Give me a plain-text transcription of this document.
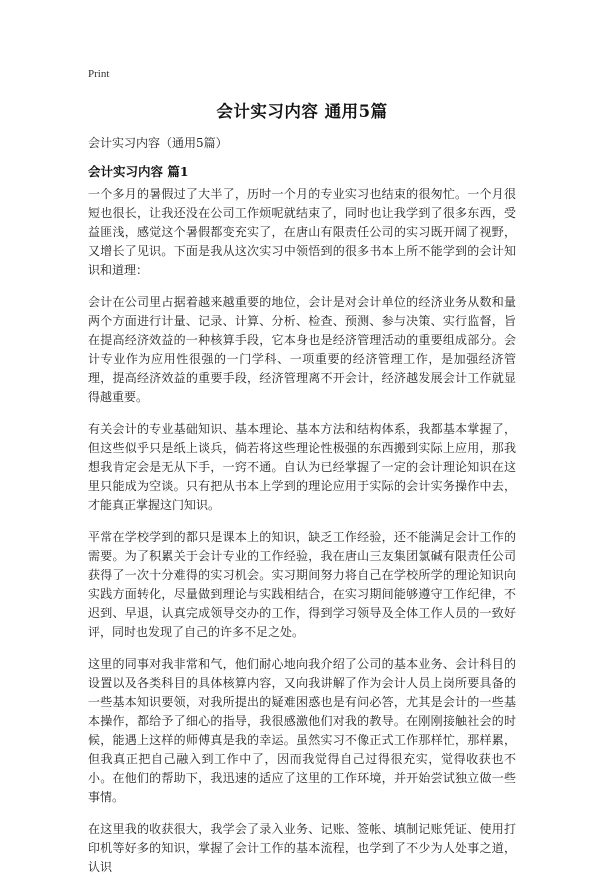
Print
会计实习内容 通用5篇
会计实习内容（通用5篇）
会计实习内容 篇1

一个多月的暑假过了大半了，历时一个月的专业实习也结束的很匆忙。一个月很短也很长，让我还没在公司工作烦呢就结束了，同时也让我学到了很多东西，受益匪浅，感觉这个暑假都变充实了，在唐山有限责任公司的实习既开阔了视野，又增长了见识。下面是我从这次实习中领悟到的很多书本上所不能学到的会计知识和道理：

会计在公司里占据着越来越重要的地位，会计是对会计单位的经济业务从数和量两个方面进行计量、记录、计算、分析、检查、预测、参与决策、实行监督，旨在提高经济效益的一种核算手段，它本身也是经济管理活动的重要组成部分。会计专业作为应用性很强的一门学科、一项重要的经济管理工作，是加强经济管理，提高经济效益的重要手段，经济管理离不开会计，经济越发展会计工作就显得越重要。

有关会计的专业基础知识、基本理论、基本方法和结构体系，我都基本掌握了，但这些似乎只是纸上谈兵，倘若将这些理论性极强的东西搬到实际上应用，那我想我肯定会是无从下手，一窍不通。自认为已经掌握了一定的会计理论知识在这里只能成为空谈。只有把从书本上学到的理论应用于实际的会计实务操作中去，才能真正掌握这门知识。

平常在学校学到的都只是课本上的知识，缺乏工作经验，还不能满足会计工作的需要。为了积累关于会计专业的工作经验，我在唐山三友集团氯碱有限责任公司获得了一次十分难得的实习机会。实习期间努力将自己在学校所学的理论知识向实践方面转化，尽量做到理论与实践相结合，在实习期间能够遵守工作纪律，不迟到、早退，认真完成领导交办的工作，得到学习领导及全体工作人员的一致好评，同时也发现了自己的许多不足之处。

这里的同事对我非常和气，他们耐心地向我介绍了公司的基本业务、会计科目的设置以及各类科目的具体核算内容，又向我讲解了作为会计人员上岗所要具备的一些基本知识要领，对我所提出的疑难困惑也是有问必答，尤其是会计的一些基本操作，都给予了细心的指导，我很感激他们对我的教导。在刚刚接触社会的时候，能遇上这样的师傅真是我的幸运。虽然实习不像正式工作那样忙，那样累，但我真正把自己融入到工作中了，因而我觉得自己过得很充实，觉得收获也不小。在他们的帮助下，我迅速的适应了这里的工作环境，并开始尝试独立做一些事情。

在这里我的收获很大，我学会了录入业务、记账、签帐、填制记账凭证、使用打印机等好多的知识，掌握了会计工作的基本流程，也学到了不少为人处事之道，认识
